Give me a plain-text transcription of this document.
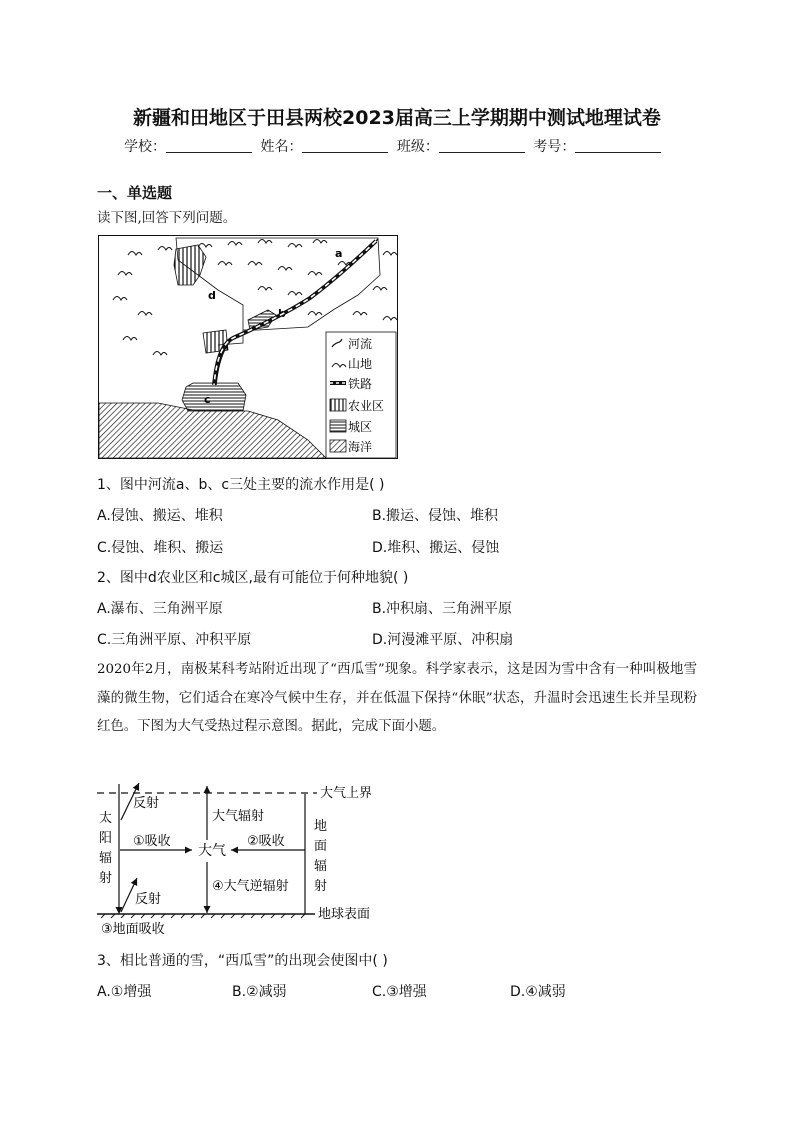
新疆和田地区于田县两校2023届高三上学期期中测试地理试卷
学校：	姓名：	班级：	考号：
一、单选题
读下图,回答下列问题。
d
b
a
c
河流
山地
铁路
农业区
城区
海洋
1、图中河流a、b、c三处主要的流水作用是( )
A.侵蚀、搬运、堆积	B.搬运、侵蚀、堆积
C.侵蚀、堆积、搬运	D.堆积、搬运、侵蚀
2、图中d农业区和c城区,最有可能位于何种地貌( )
A.瀑布、三角洲平原	B.冲积扇、三角洲平原
C.三角洲平原、冲积平原	D.河漫滩平原、冲积扇
2020年2月，南极某科考站附近出现了“西瓜雪”现象。科学家表示，这是因为雪中含有一种叫极地雪藻的微生物，它们适合在寒冷气候中生存，并在低温下保持“休眠”状态，升温时会迅速生长并呈现粉红色。下图为大气受热过程示意图。据此，完成下面小题。
大气上界
地球表面
反射
太
阳
辐
射
①吸收
大气
大气辐射
④大气逆辐射
②吸收
地
面
辐
射
反射
③地面吸收
3、相比普通的雪，“西瓜雪”的出现会使图中( )
A.①增强	B.②减弱	C.③增强	D.④减弱
